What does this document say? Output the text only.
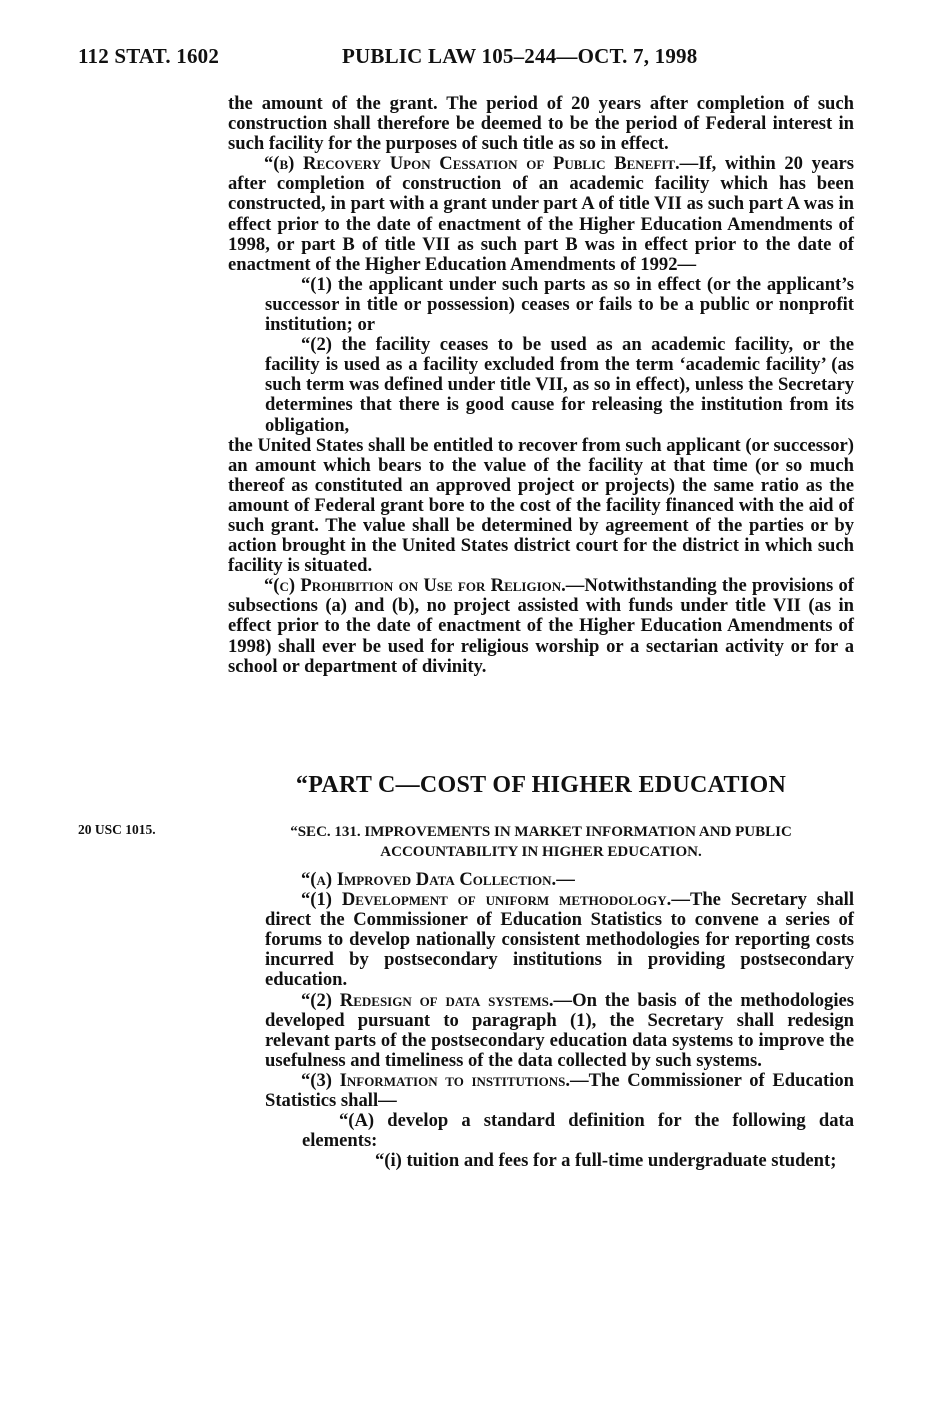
112 STAT. 1602	PUBLIC LAW 105–244—OCT. 7, 1998

the amount of the grant. The period of 20 years after completion of such construction shall therefore be deemed to be the period of Federal interest in such facility for the purposes of such title as so in effect.

“(b) Recovery Upon Cessation of Public Benefit.—If, within 20 years after completion of construction of an academic facility which has been constructed, in part with a grant under part A of title VII as such part A was in effect prior to the date of enactment of the Higher Education Amendments of 1998, or part B of title VII as such part B was in effect prior to the date of enactment of the Higher Education Amendments of 1992—

“(1) the applicant under such parts as so in effect (or the applicant’s successor in title or possession) ceases or fails to be a public or nonprofit institution; or

“(2) the facility ceases to be used as an academic facility, or the facility is used as a facility excluded from the term ‘academic facility’ (as such term was defined under title VII, as so in effect), unless the Secretary determines that there is good cause for releasing the institution from its obligation,

the United States shall be entitled to recover from such applicant (or successor) an amount which bears to the value of the facility at that time (or so much thereof as constituted an approved project or projects) the same ratio as the amount of Federal grant bore to the cost of the facility financed with the aid of such grant. The value shall be determined by agreement of the parties or by action brought in the United States district court for the district in which such facility is situated.

“(c) Prohibition on Use for Religion.—Notwithstanding the provisions of subsections (a) and (b), no project assisted with funds under title VII (as in effect prior to the date of enactment of the Higher Education Amendments of 1998) shall ever be used for religious worship or a sectarian activity or for a school or department of divinity.

“PART C—COST OF HIGHER EDUCATION
20 USC 1015.	“SEC. 131. IMPROVEMENTS IN MARKET INFORMATION AND PUBLIC
ACCOUNTABILITY IN HIGHER EDUCATION.

“(a) Improved Data Collection.—

“(1) Development of uniform methodology.—The Secretary shall direct the Commissioner of Education Statistics to convene a series of forums to develop nationally consistent methodologies for reporting costs incurred by postsecondary institutions in providing postsecondary education.

“(2) Redesign of data systems.—On the basis of the methodologies developed pursuant to paragraph (1), the Secretary shall redesign relevant parts of the postsecondary education data systems to improve the usefulness and timeliness of the data collected by such systems.

“(3) Information to institutions.—The Commissioner of Education Statistics shall—

“(A) develop a standard definition for the following data elements:

“(i) tuition and fees for a full-time undergraduate student;
